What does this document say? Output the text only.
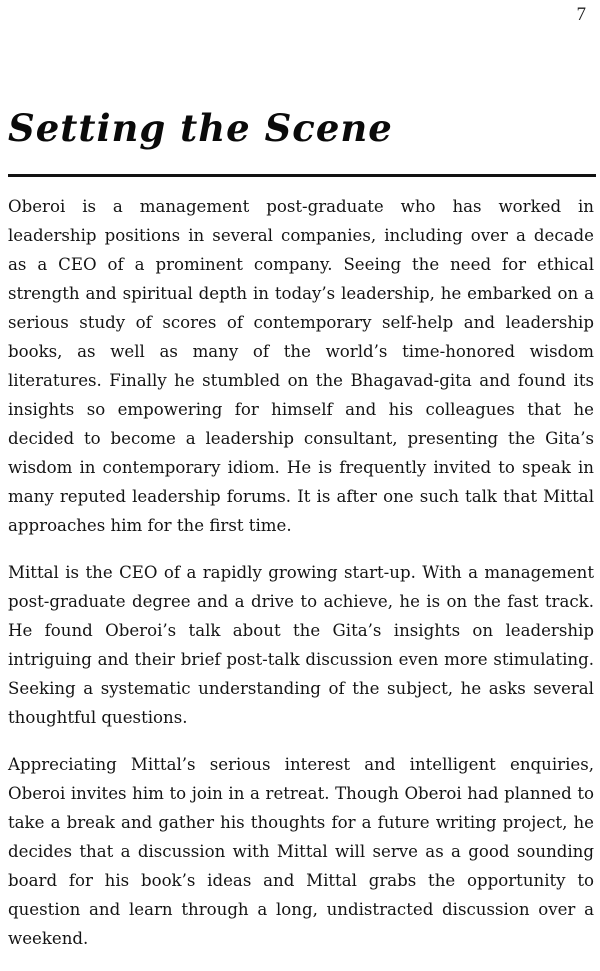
7
Setting the Scene

Oberoi is a management post-graduate who has worked in leadership positions in several companies, including over a decade as a CEO of a prominent company. Seeing the need for ethical strength and spiritual depth in today’s leadership, he embarked on a serious study of scores of contemporary self-help and leadership books, as well as many of the world’s time-honored wisdom literatures. Finally he stumbled on the Bhagavad-gita and found its insights so empowering for himself and his colleagues that he decided to become a leadership consultant, presenting the Gita’s wisdom in contemporary idiom. He is frequently invited to speak in many reputed leadership forums. It is after one such talk that Mittal approaches him for the first time.

Mittal is the CEO of a rapidly growing start-up. With a management post-graduate degree and a drive to achieve, he is on the fast track. He found Oberoi’s talk about the Gita’s insights on leadership intriguing and their brief post-talk discussion even more stimulating. Seeking a systematic understanding of the subject, he asks several thoughtful questions.

Appreciating Mittal’s serious interest and intelligent enquiries, Oberoi invites him to join in a retreat. Though Oberoi had planned to take a break and gather his thoughts for a future writing project, he decides that a discussion with Mittal will serve as a good sounding board for his book’s ideas and Mittal grabs the opportunity to question and learn through a long, undistracted discussion over a weekend.
